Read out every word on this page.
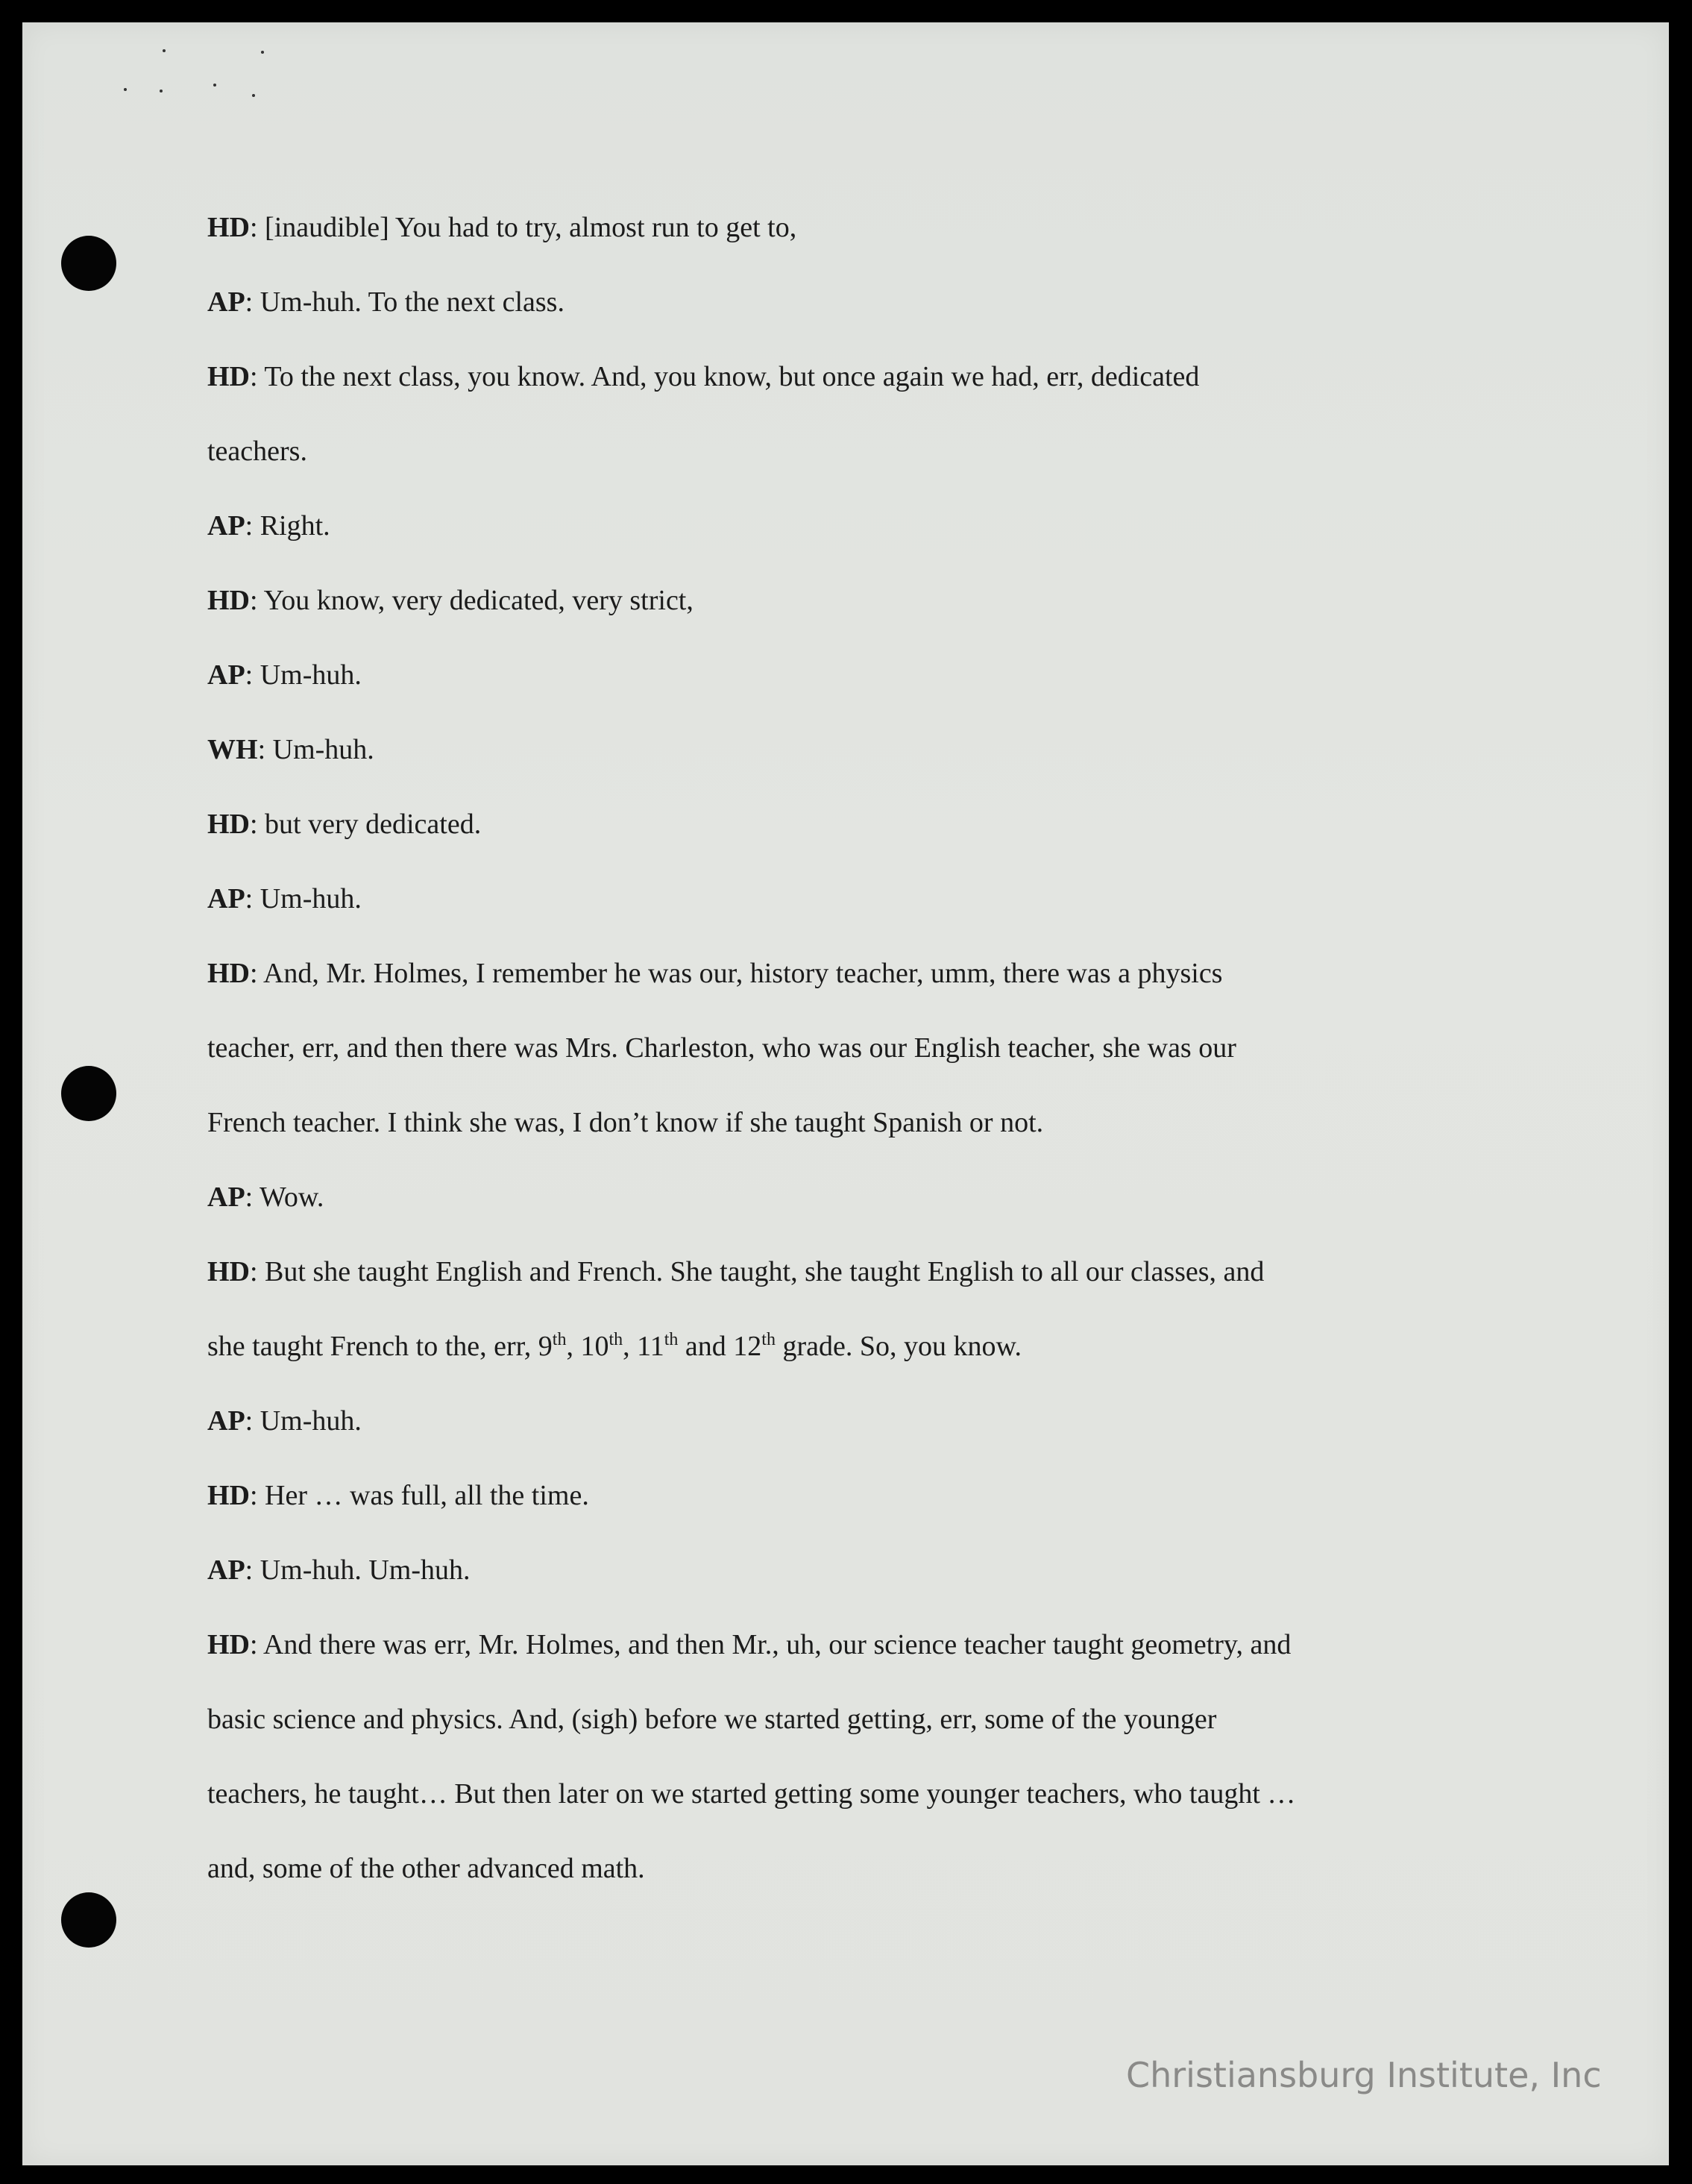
HD: [inaudible] You had to try, almost run to get to,
AP: Um-huh. To the next class.
HD: To the next class, you know. And, you know, but once again we had, err, dedicated
teachers.
AP: Right.
HD: You know, very dedicated, very strict,
AP: Um-huh.
WH: Um-huh.
HD: but very dedicated.
AP: Um-huh.
HD: And, Mr. Holmes, I remember he was our, history teacher, umm, there was a physics
teacher, err, and then there was Mrs. Charleston, who was our English teacher, she was our
French teacher. I think she was, I don’t know if she taught Spanish or not.
AP: Wow.
HD: But she taught English and French. She taught, she taught English to all our classes, and
she taught French to the, err, 9th, 10th, 11th and 12th grade. So, you know.
AP: Um-huh.
HD: Her … was full, all the time.
AP: Um-huh. Um-huh.
HD: And there was err, Mr. Holmes, and then Mr., uh, our science teacher taught geometry, and
basic science and physics. And, (sigh) before we started getting, err, some of the younger
teachers, he taught… But then later on we started getting some younger teachers, who taught …
and, some of the other advanced math.
Christiansburg Institute, Inc
